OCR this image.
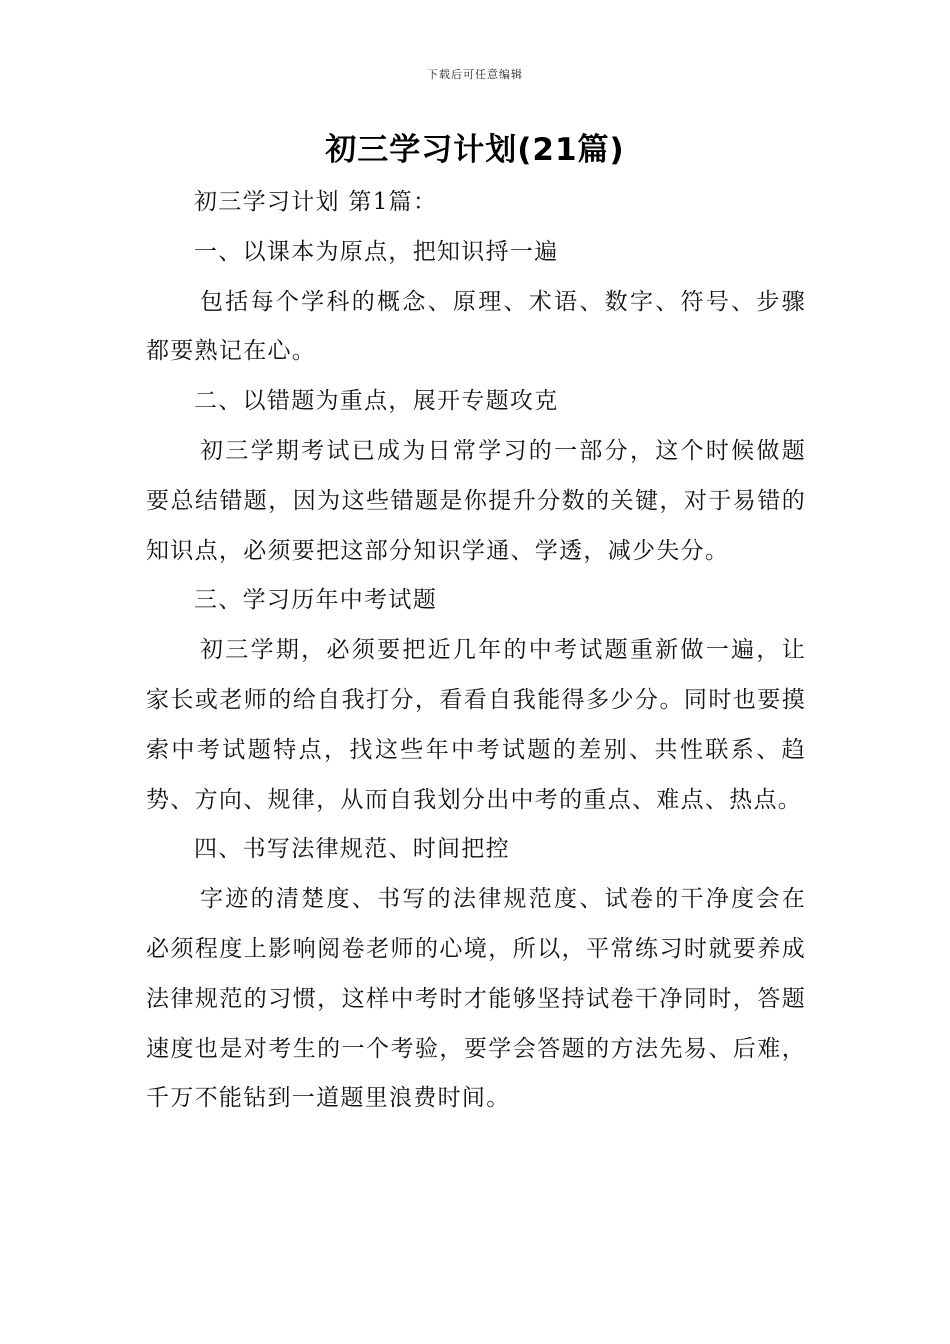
下载后可任意编辑
初三学习计划(21篇)

初三学习计划 第1篇：

一、以课本为原点，把知识捋一遍

包括每个学科的概念、原理、术语、数字、符号、步骤都要熟记在心。

二、以错题为重点，展开专题攻克

初三学期考试已成为日常学习的一部分，这个时候做题要总结错题，因为这些错题是你提升分数的关键，对于易错的知识点，必须要把这部分知识学通、学透，减少失分。

三、学习历年中考试题

初三学期，必须要把近几年的中考试题重新做一遍，让家长或老师的给自我打分，看看自我能得多少分。同时也要摸索中考试题特点，找这些年中考试题的差别、共性联系、趋势、方向、规律，从而自我划分出中考的重点、难点、热点。

四、书写法律规范、时间把控

字迹的清楚度、书写的法律规范度、试卷的干净度会在必须程度上影响阅卷老师的心境，所以，平常练习时就要养成法律规范的习惯，这样中考时才能够坚持试卷干净同时，答题速度也是对考生的一个考验，要学会答题的方法先易、后难，千万不能钻到一道题里浪费时间。
